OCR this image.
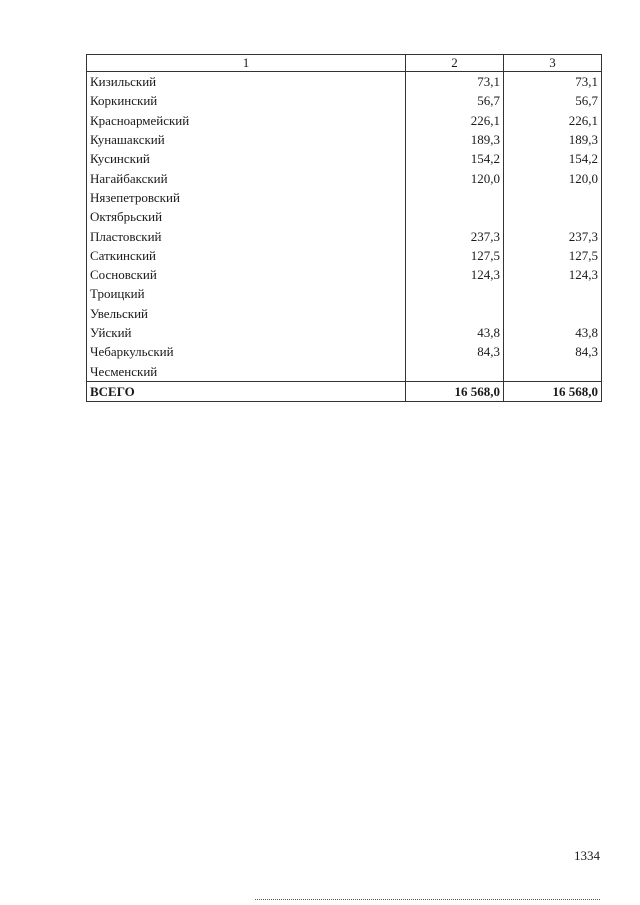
1	2	3
Кизильский	73,1	73,1
Коркинский	56,7	56,7
Красноармейский	226,1	226,1
Кунашакский	189,3	189,3
Кусинский	154,2	154,2
Нагайбакский	120,0	120,0
Нязепетровский		
Октябрьский		
Пластовский	237,3	237,3
Саткинский	127,5	127,5
Сосновский	124,3	124,3
Троицкий		
Увельский		
Уйский	43,8	43,8
Чебаркульский	84,3	84,3
Чесменский		
ВСЕГО	16 568,0	16 568,0
1334
